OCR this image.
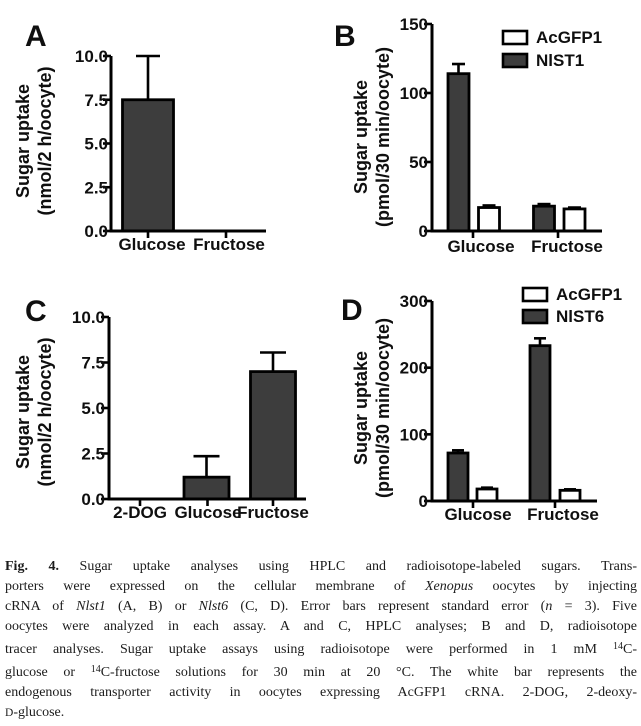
0.0
2.5
5.0
7.5
10.0
Glucose Fructose
A
Sugar uptake (nmol/2 h/oocyte)
0
50
100
150
Glucose Fructose
B
Sugar uptake (pmol/30 min/oocyte)
AcGFP1
NlST1
0.0
2.5
5.0
7.5
10.0
2-DOG Glucose
Fructose
C
Sugar uptake (nmol/2 h/oocyte)
0
100
200
300
Glucose Fructose
D
Sugar uptake (pmol/30 min/oocyte)
AcGFP1
NlST6
Fig. 4. Sugar uptake analyses using HPLC and radioisotope-labeled sugars. Trans-
porters were expressed on the cellular membrane of Xenopus oocytes by injecting
cRNA of Nlst1 (A, B) or Nlst6 (C, D). Error bars represent standard error (n = 3). Five
oocytes were analyzed in each assay. A and C, HPLC analyses; B and D, radioisotope
tracer analyses. Sugar uptake assays using radioisotope were performed in 1 mM $^{14}$C-
glucose or $^{14}$C-fructose solutions for 30 min at 20 °C. The white bar represents the
endogenous transporter activity in oocytes expressing AcGFP1 cRNA. 2-DOG, 2-deoxy-
D-glucose.
